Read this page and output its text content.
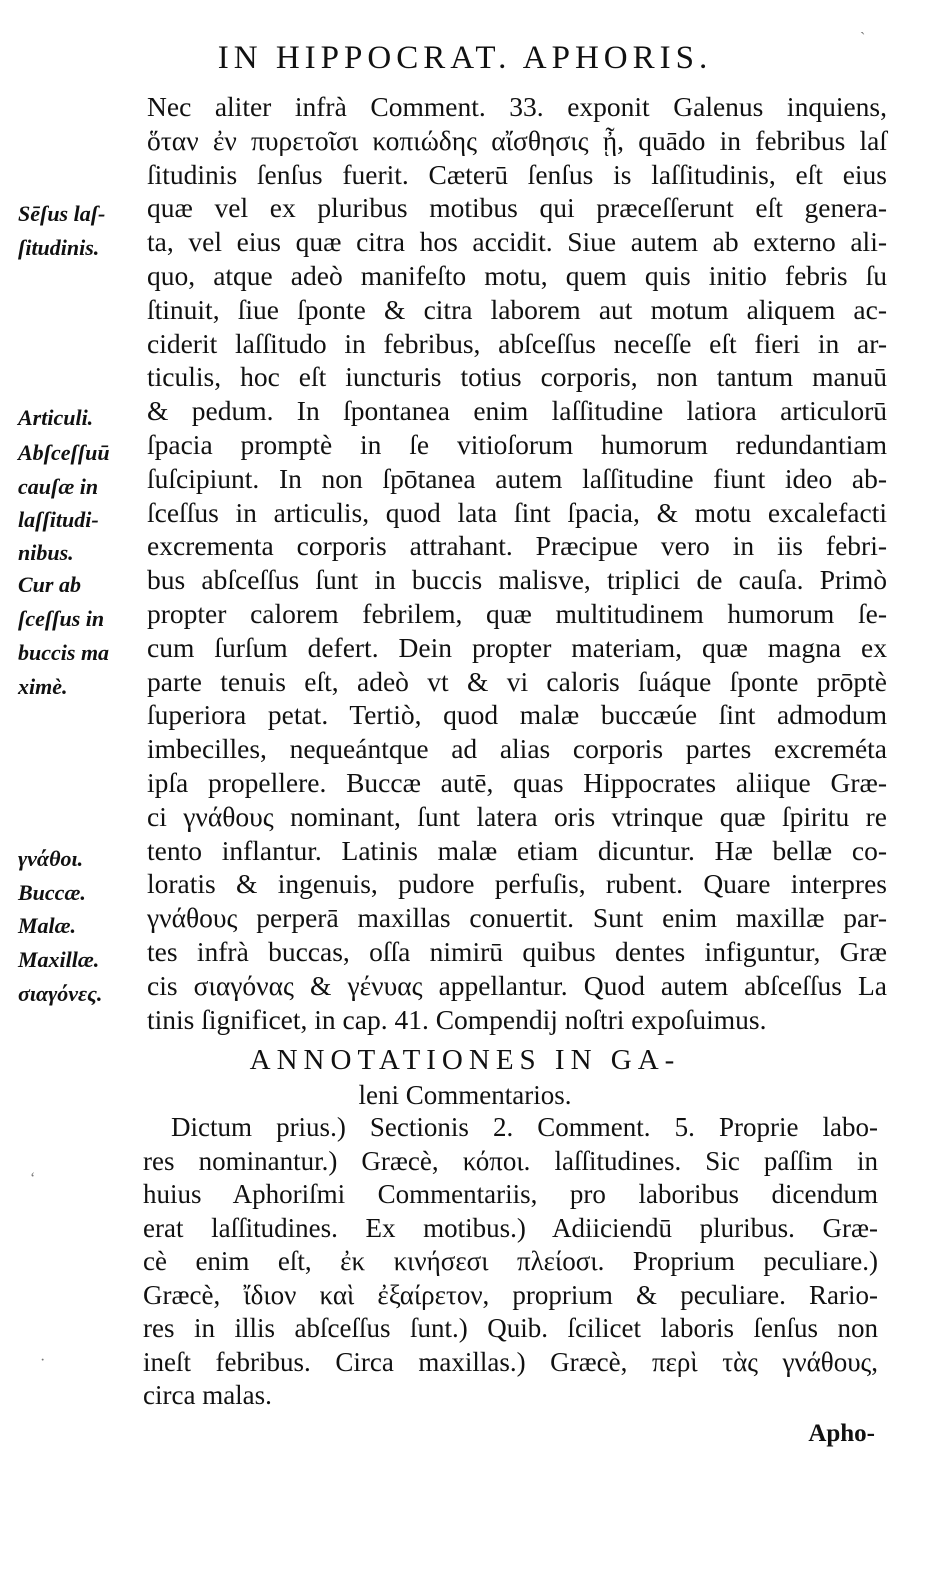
IN HIPPOCRAT. APHORIS.
Nec aliter infrà Comment. 33. exponit Galenus inquiens,
ὅταν ἐν πυρετοῖσι κοπιώδης αἴσθησις ᾖ, quādo in febribus laſ
ſitudinis ſenſus fuerit. Cæterū ſenſus is laſſitudinis, eſt eius
quæ vel ex pluribus motibus qui præceſſerunt eſt genera-
ta, vel eius quæ citra hos accidit. Siue autem ab externo ali-
quo, atque adeò manifeſto motu, quem quis initio febris ſu
ſtinuit, ſiue ſponte & citra laborem aut motum aliquem ac-
ciderit laſſitudo in febribus, abſceſſus neceſſe eſt fieri in ar-
ticulis, hoc eſt iuncturis totius corporis, non tantum manuū
& pedum. In ſpontanea enim laſſitudine latiora articulorū
ſpacia promptè in ſe vitioſorum humorum redundantiam
ſuſcipiunt. In non ſpōtanea autem laſſitudine fiunt ideo ab-
ſceſſus in articulis, quod lata ſint ſpacia, & motu excalefacti
excrementa corporis attrahant. Præcipue vero in iis febri-
bus abſceſſus ſunt in buccis malisve, triplici de cauſa. Primò
propter calorem febrilem, quæ multitudinem humorum ſe-
cum ſurſum defert. Dein propter materiam, quæ magna ex
parte tenuis eſt, adeò vt & vi caloris ſuáque ſponte prōptè
ſuperiora petat. Tertiò, quod malæ buccæúe ſint admodum
imbecilles, nequeántque ad alias corporis partes excreméta
ipſa propellere. Buccæ autē, quas Hippocrates aliique Græ-
ci γνάθους nominant, ſunt latera oris vtrinque quæ ſpiritu re
tento inflantur. Latinis malæ etiam dicuntur. Hæ bellæ co-
loratis & ingenuis, pudore perfuſis, rubent. Quare interpres
γνάθους perperā maxillas conuertit. Sunt enim maxillæ par-
tes infrà buccas, oſſa nimirū quibus dentes infiguntur, Græ
cis σιαγόνας & γένυας appellantur. Quod autem abſceſſus La
tinis ſignificet, in cap. 41. Compendij noſtri expoſuimus.
Sēſus laſ-
ſitudinis.
Articuli.
Abſceſſuū
cauſæ in
laſſitudi-
nibus.
Cur ab
ſceſſus in
buccis ma
ximè.
γνάθοι.
Buccæ.
Malæ.
Maxillæ.
σιαγόνες.
ANNOTATIONES IN GA-
leni Commentarios.
Dictum prius.) Sectionis 2. Comment. 5. Proprie labo-
res nominantur.) Græcè, κόποι. laſſitudines. Sic paſſim in
huius Aphoriſmi Commentariis, pro laboribus dicendum
erat laſſitudines. Ex motibus.) Adiiciendū pluribus. Græ-
cè enim eſt, ἐκ κινήσεσι πλείοσι. Proprium peculiare.)
Græcè, ἴδιον καὶ ἐξαίρετον, proprium & peculiare. Rario-
res in illis abſceſſus ſunt.) Quib. ſcilicet laboris ſenſus non
ineſt febribus. Circa maxillas.) Græcè, περὶ τὰς γνάθους,
circa malas.
Apho-
‘
·
ˋ
